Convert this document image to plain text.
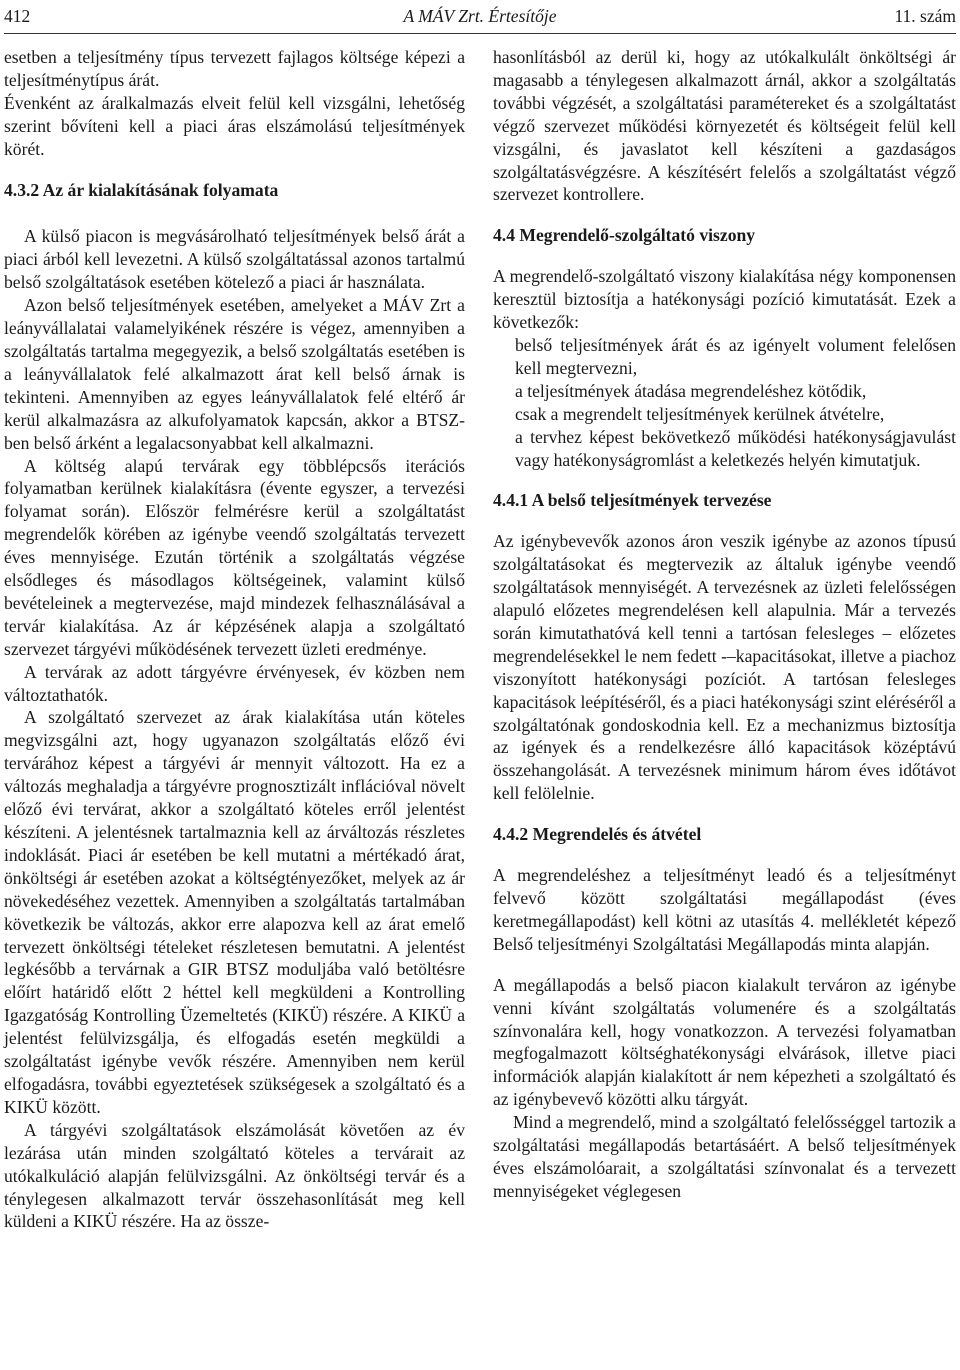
412	A MÁV Zrt. Értesítője	11. szám

esetben a teljesítmény típus tervezett fajlagos költsége képezi a teljesítménytípus árát.

Évenként az áralkalmazás elveit felül kell vizsgálni, lehetőség szerint bővíteni kell a piaci áras elszámolású teljesítmények körét.

4.3.2 Az ár kialakításának folyamata

A külső piacon is megvásárolható teljesítmények belső árát a piaci árból kell levezetni. A külső szolgáltatással azonos tartalmú belső szolgáltatások esetében kötelező a piaci ár használata.

Azon belső teljesítmények esetében, amelyeket a MÁV Zrt a leányvállalatai valamelyikének részére is végez, amennyiben a szolgáltatás tartalma megegyezik, a belső szolgáltatás esetében is a leányvállalatok felé alkalmazott árat kell belső árnak is tekinteni. Amennyiben az egyes leányvállalatok felé eltérő ár kerül alkalmazásra az alkufolyamatok kapcsán, akkor a BTSZ-ben belső árként a legalacsonyabbat kell alkalmazni.

A költség alapú tervárak egy többlépcsős iterációs folyamatban kerülnek kialakításra (évente egyszer, a tervezési folyamat során). Először felmérésre kerül a szolgáltatást megrendelők körében az igénybe veendő szolgáltatás tervezett éves mennyisége. Ezután történik a szolgáltatás végzése elsődleges és másodlagos költségeinek, valamint külső bevételeinek a megtervezése, majd mindezek felhasználásával a tervár kialakítása. Az ár képzésének alapja a szolgáltató szervezet tárgyévi működésének tervezett üzleti eredménye.

A tervárak az adott tárgyévre érvényesek, év közben nem változtathatók.

A szolgáltató szervezet az árak kialakítása után köteles megvizsgálni azt, hogy ugyanazon szolgáltatás előző évi tervárához képest a tárgyévi ár mennyit változott. Ha ez a változás meghaladja a tárgyévre prognosztizált inflációval növelt előző évi tervárat, akkor a szolgáltató köteles erről jelentést készíteni. A jelentésnek tartalmaznia kell az árváltozás részletes indoklását. Piaci ár esetében be kell mutatni a mértékadó árat, önköltségi ár esetében azokat a költségtényezőket, melyek az ár növekedéséhez vezettek. Amennyiben a szolgáltatás tartalmában következik be változás, akkor erre alapozva kell az árat emelő tervezett önköltségi tételeket részletesen bemutatni. A jelentést legkésőbb a tervárnak a GIR BTSZ moduljába való betöltésre előírt határidő előtt 2 héttel kell megküldeni a Kontrolling Igazgatóság Kontrolling Üzemeltetés (KIKÜ) részére. A KIKÜ a jelentést felülvizsgálja, és elfogadás esetén megküldi a szolgáltatást igénybe vevők részére. Amennyiben nem kerül elfogadásra, további egyeztetések szükségesek a szolgáltató és a KIKÜ között.

A tárgyévi szolgáltatások elszámolását követően az év lezárása után minden szolgáltató köteles a tervárait az utókalkuláció alapján felülvizsgálni. Az önköltségi tervár és a ténylegesen alkalmazott tervár összehasonlítását meg kell küldeni a KIKÜ részére. Ha az össze-

hasonlításból az derül ki, hogy az utókalkulált önköltségi ár magasabb a ténylegesen alkalmazott árnál, akkor a szolgáltatás további végzését, a szolgáltatási paramétereket és a szolgáltatást végző szervezet működési környezetét és költségeit felül kell vizsgálni, és javaslatot kell készíteni a gazdaságos szolgáltatásvégzésre. A készítésért felelős a szolgáltatást végző szervezet kontrollere.

4.4 Megrendelő-szolgáltató viszony

A megrendelő-szolgáltató viszony kialakítása négy komponensen keresztül biztosítja a hatékonysági pozíció kimutatását. Ezek a következők:

belső teljesítmények árát és az igényelt volument felelősen kell megtervezni,

a teljesítmények átadása megrendeléshez kötődik,

csak a megrendelt teljesítmények kerülnek átvételre,

a tervhez képest bekövetkező működési hatékonyságjavulást vagy hatékonyságromlást a keletkezés helyén kimutatjuk.

4.4.1 A belső teljesítmények tervezése

Az igénybevevők azonos áron veszik igénybe az azonos típusú szolgáltatásokat és megtervezik az általuk igénybe veendő szolgáltatások mennyiségét. A tervezésnek az üzleti felelősségen alapuló előzetes megrendelésen kell alapulnia. Már a tervezés során kimutathatóvá kell tenni a tartósan felesleges – előzetes megrendelésekkel le nem fedett -–kapacitásokat, illetve a piachoz viszonyított hatékonysági pozíciót. A tartósan felesleges kapacitások leépítéséről, és a piaci hatékonysági szint eléréséről a szolgáltatónak gondoskodnia kell. Ez a mechanizmus biztosítja az igények és a rendelkezésre álló kapacitások középtávú összehangolását. A tervezésnek minimum három éves időtávot kell felölelnie.

4.4.2 Megrendelés és átvétel

A megrendeléshez a teljesítményt leadó és a teljesítményt felvevő között szolgáltatási megállapodást (éves keretmegállapodást) kell kötni az utasítás 4. mellékletét képező Belső teljesítményi Szolgáltatási Megállapodás minta alapján.

A megállapodás a belső piacon kialakult terváron az igénybe venni kívánt szolgáltatás volumenére és a szolgáltatás színvonalára kell, hogy vonatkozzon. A tervezési folyamatban megfogalmazott költséghatékonysági elvárások, illetve piaci információk alapján kialakított ár nem képezheti a szolgáltató és az igénybevevő közötti alku tárgyát.

Mind a megrendelő, mind a szolgáltató felelősséggel tartozik a szolgáltatási megállapodás betartásáért. A belső teljesítmények éves elszámolóarait, a szolgáltatási színvonalat és a tervezett mennyiségeket véglegesen
